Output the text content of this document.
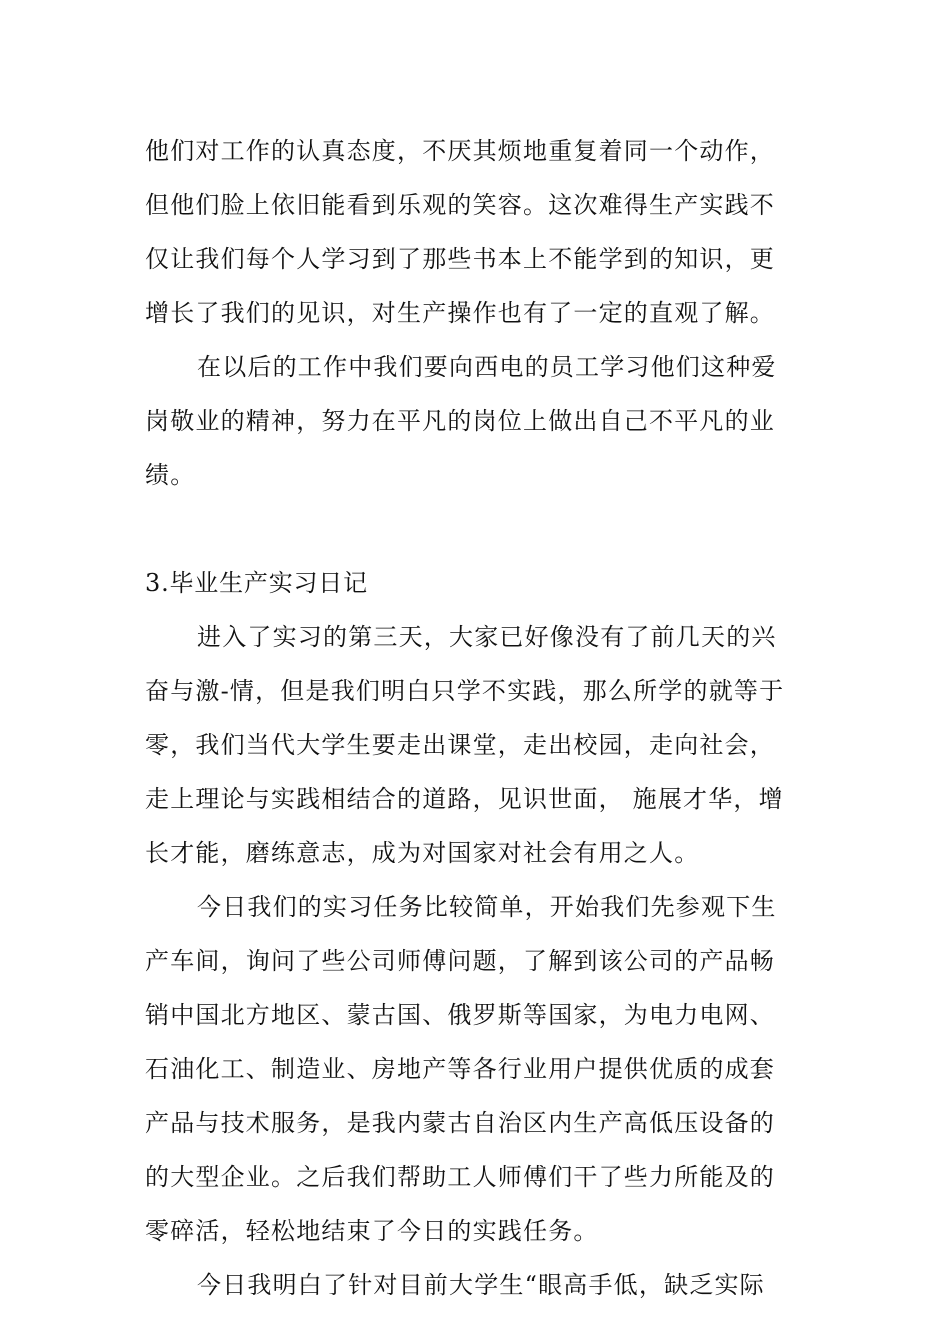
他们对工作的认真态度，不厌其烦地重复着同一个动作，
但他们脸上依旧能看到乐观的笑容。这次难得生产实践不
仅让我们每个人学习到了那些书本上不能学到的知识，更
增长了我们的见识，对生产操作也有了一定的直观了解。
在以后的工作中我们要向西电的员工学习他们这种爱
岗敬业的精神，努力在平凡的岗位上做出自己不平凡的业
绩。
3.毕业生产实习日记
进入了实习的第三天，大家已好像没有了前几天的兴
奋与激-情，但是我们明白只学不实践，那么所学的就等于
零，我们当代大学生要走出课堂，走出校园，走向社会，
走上理论与实践相结合的道路，见识世面， 施展才华，增
长才能，磨练意志，成为对国家对社会有用之人。
今日我们的实习任务比较简单，开始我们先参观下生
产车间，询问了些公司师傅问题，了解到该公司的产品畅
销中国北方地区、蒙古国、俄罗斯等国家，为电力电网、
石油化工、制造业、房地产等各行业用户提供优质的成套
产品与技术服务，是我内蒙古自治区内生产高低压设备的
的大型企业。之后我们帮助工人师傅们干了些力所能及的
零碎活，轻松地结束了今日的实践任务。
今日我明白了针对目前大学生“眼高手低，缺乏实际
